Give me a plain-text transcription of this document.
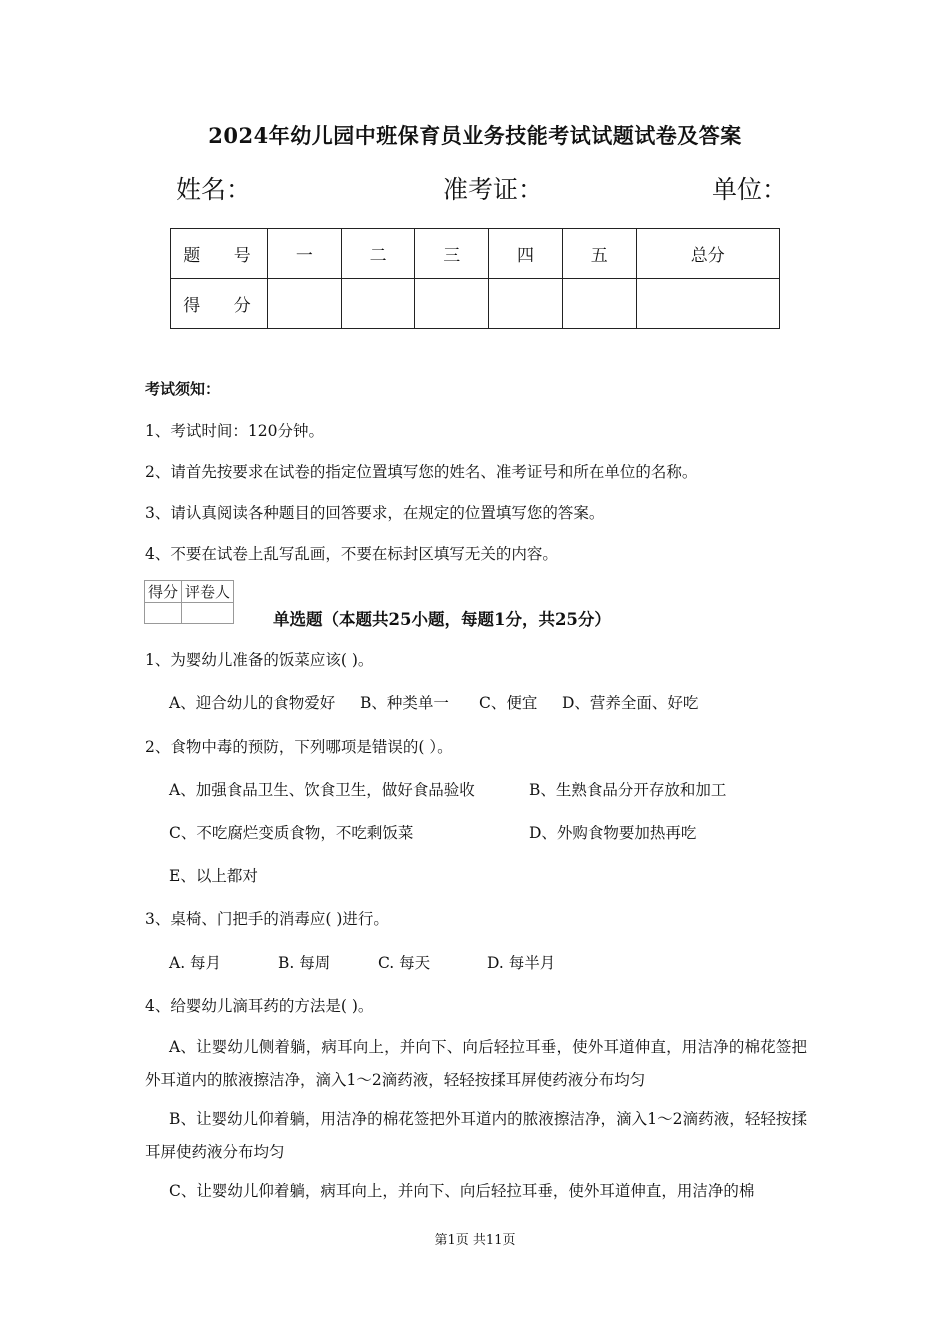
2024年幼儿园中班保育员业务技能考试试题试卷及答案
姓名：	准考证：	单位：
题 号	一	二	三	四	五	总分
得 分						
考试须知：
1、考试时间：120分钟。
2、请首先按要求在试卷的指定位置填写您的姓名、准考证号和所在单位的名称。
3、请认真阅读各种题目的回答要求，在规定的位置填写您的答案。
4、不要在试卷上乱写乱画，不要在标封区填写无关的内容。
得分	评卷人

单选题（本题共25小题，每题1分，共25分）
1、为婴幼儿准备的饭菜应该( )。
A、迎合幼儿的食物爱好 B、种类单一 C、便宜 D、营养全面、好吃
2、食物中毒的预防，下列哪项是错误的( ）。
A、加强食品卫生、饮食卫生，做好食品验收	B、生熟食品分开存放和加工
C、不吃腐烂变质食物，不吃剩饭菜	D、外购食物要加热再吃
E、以上都对
3、桌椅、门把手的消毒应( )进行。
A. 每月	B. 每周	C. 每天	D. 每半月
4、给婴幼儿滴耳药的方法是( )。
A、让婴幼儿侧着躺，病耳向上，并向下、向后轻拉耳垂，使外耳道伸直，用洁净的棉花签把外耳道内的脓液擦洁净，滴入1～2滴药液，轻轻按揉耳屏使药液分布均匀
B、让婴幼儿仰着躺，用洁净的棉花签把外耳道内的脓液擦洁净，滴入1～2滴药液，轻轻按揉耳屏使药液分布均匀
C、让婴幼儿仰着躺，病耳向上，并向下、向后轻拉耳垂，使外耳道伸直，用洁净的棉
第1页 共11页
